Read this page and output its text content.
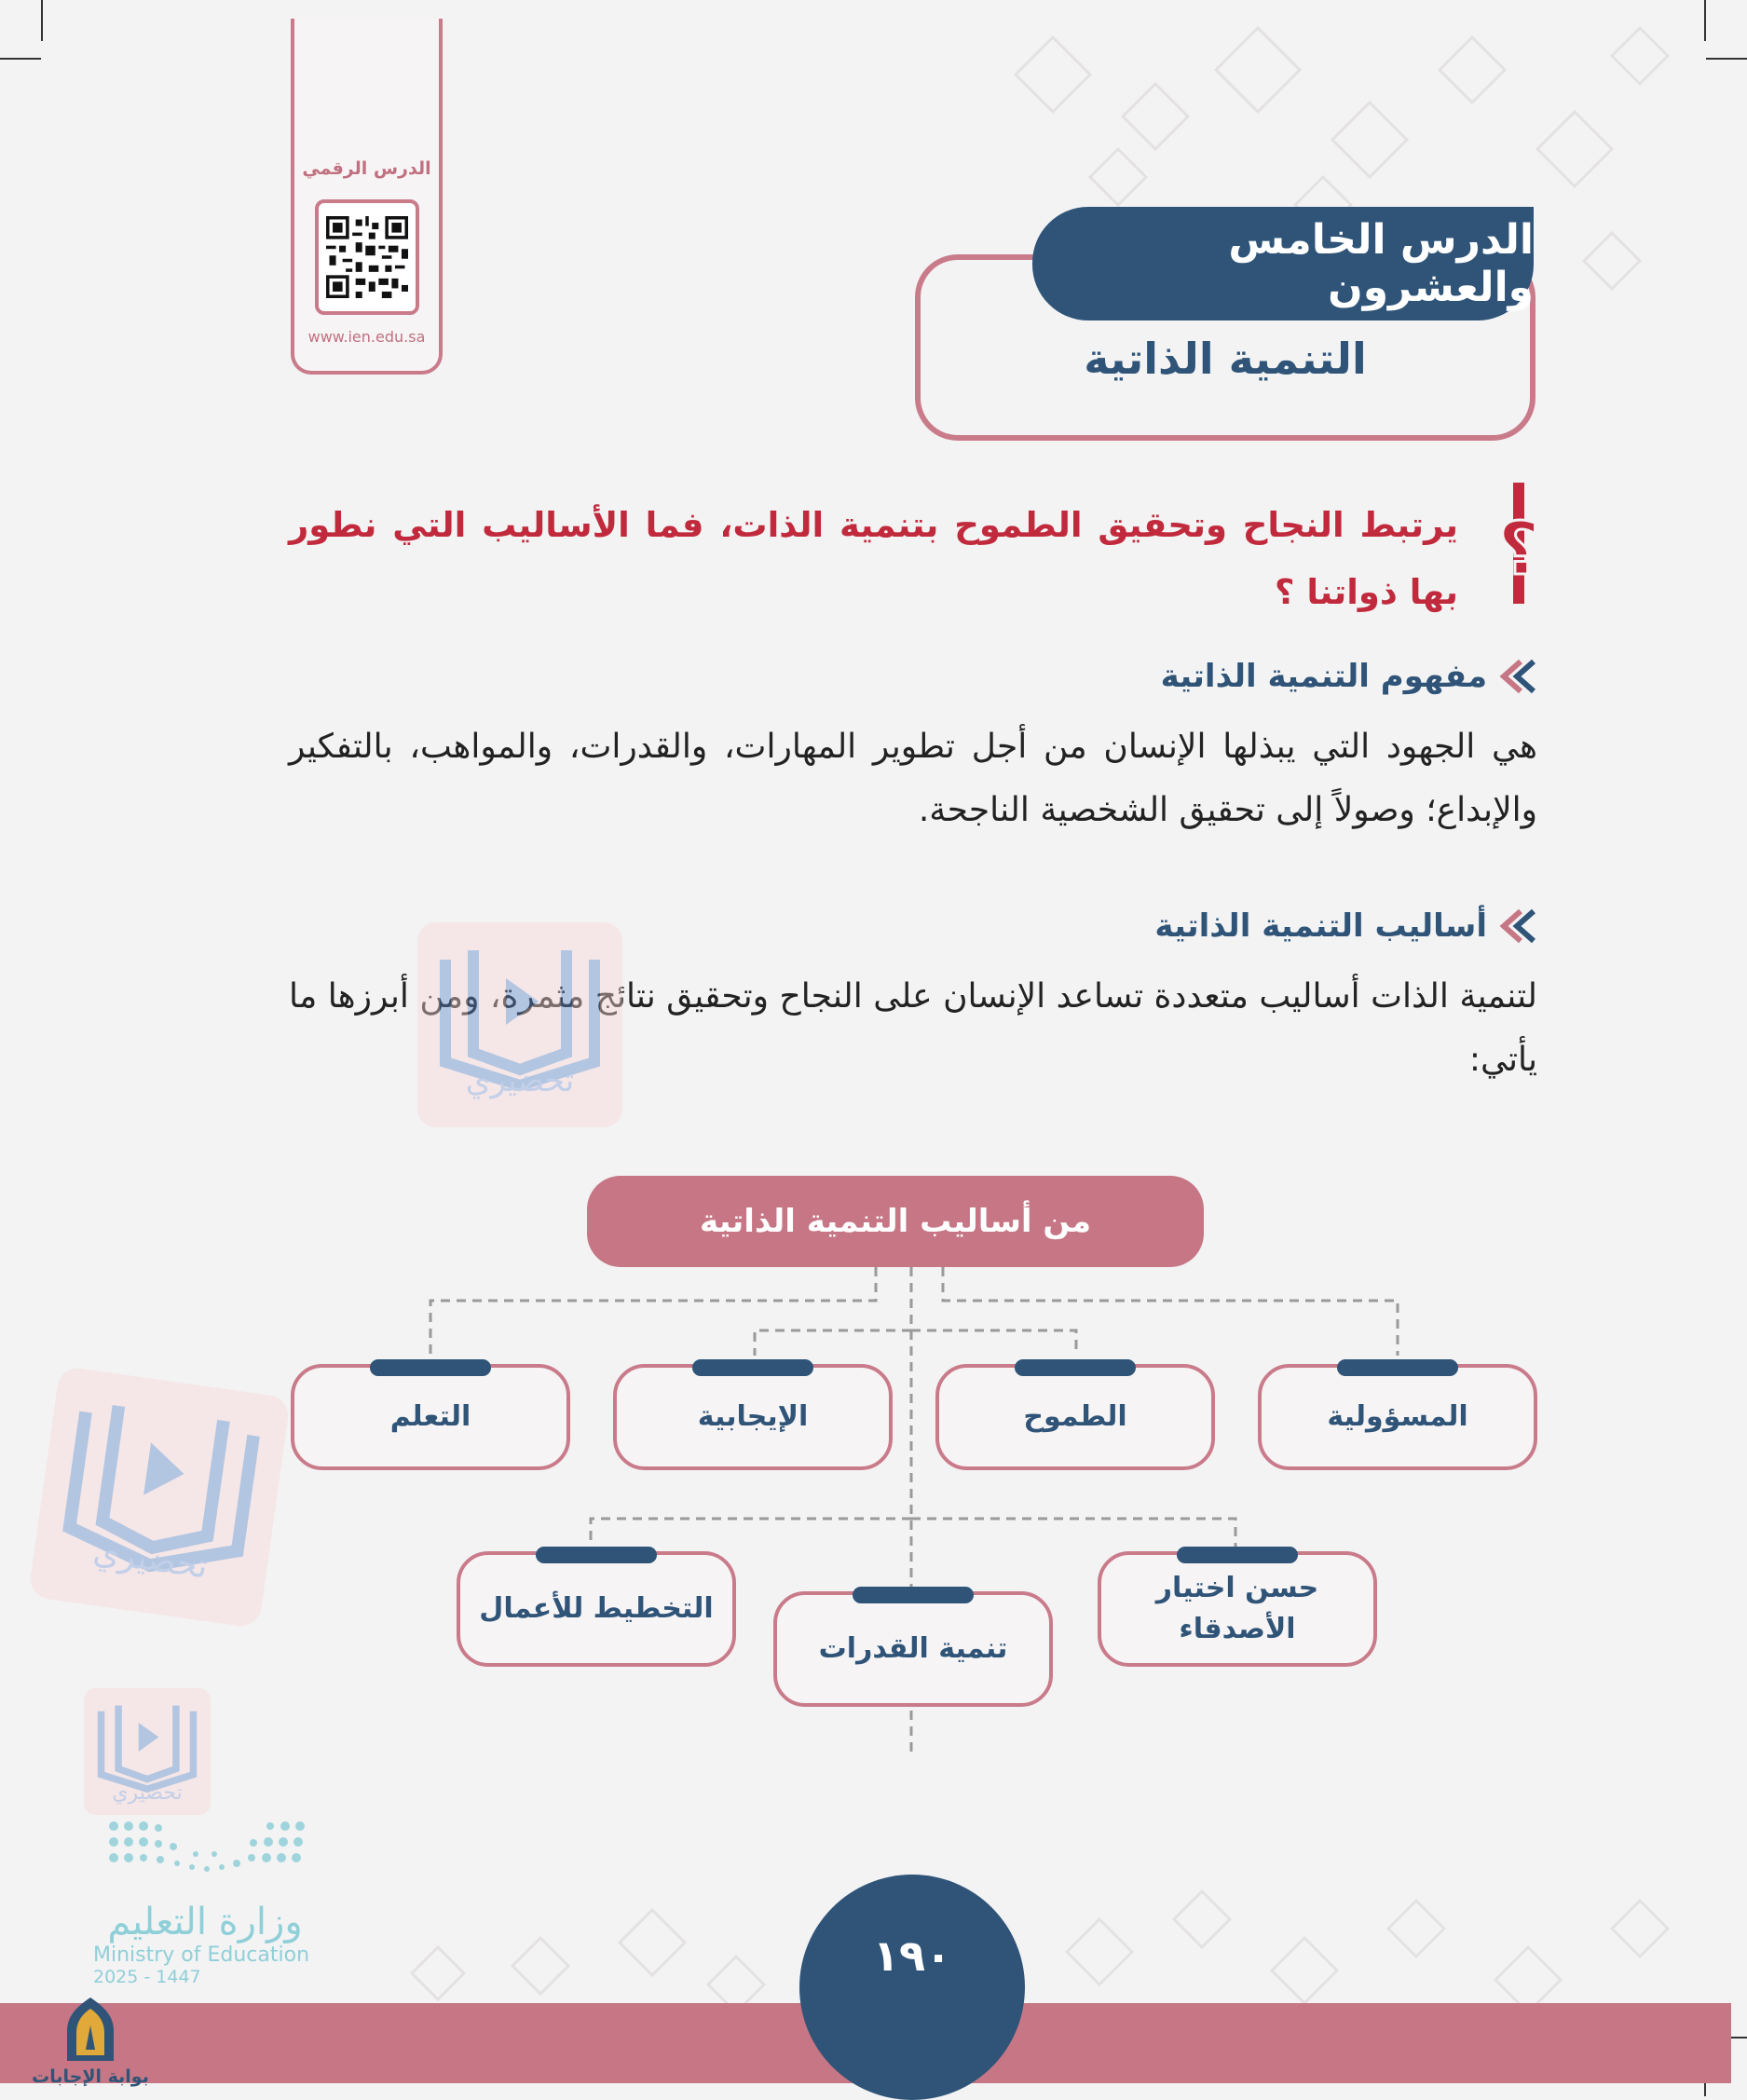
الدرس الرقمي
www.ien.edu.sa
الدرس الخامس والعشرون
التنمية الذاتية
؟
يرتبط النجاح وتحقيق الطموح بتنمية الذات، فما الأساليب التي نطور بها ذواتنا ؟
مفهوم التنمية الذاتية
هي الجهود التي يبذلها الإنسان من أجل تطوير المهارات، والقدرات، والمواهب، بالتفكير والإبداع؛ وصولاً إلى تحقيق الشخصية الناجحة.
أساليب التنمية الذاتية
لتنمية الذات أساليب متعددة تساعد الإنسان على النجاح وتحقيق نتائج مثمرة، ومن أبرزها ما يأتي:
من أساليب التنمية الذاتية
المسؤولية
الطموح
الإيجابية
التعلم
حسن اختيار الأصدقاء
تنمية القدرات
التخطيط للأعمال
تحضيري
تحضيري
تحضيري
وزارة التعليم
Ministry of Education
2025 - 1447	١٩٠
بوابة الإجابات
